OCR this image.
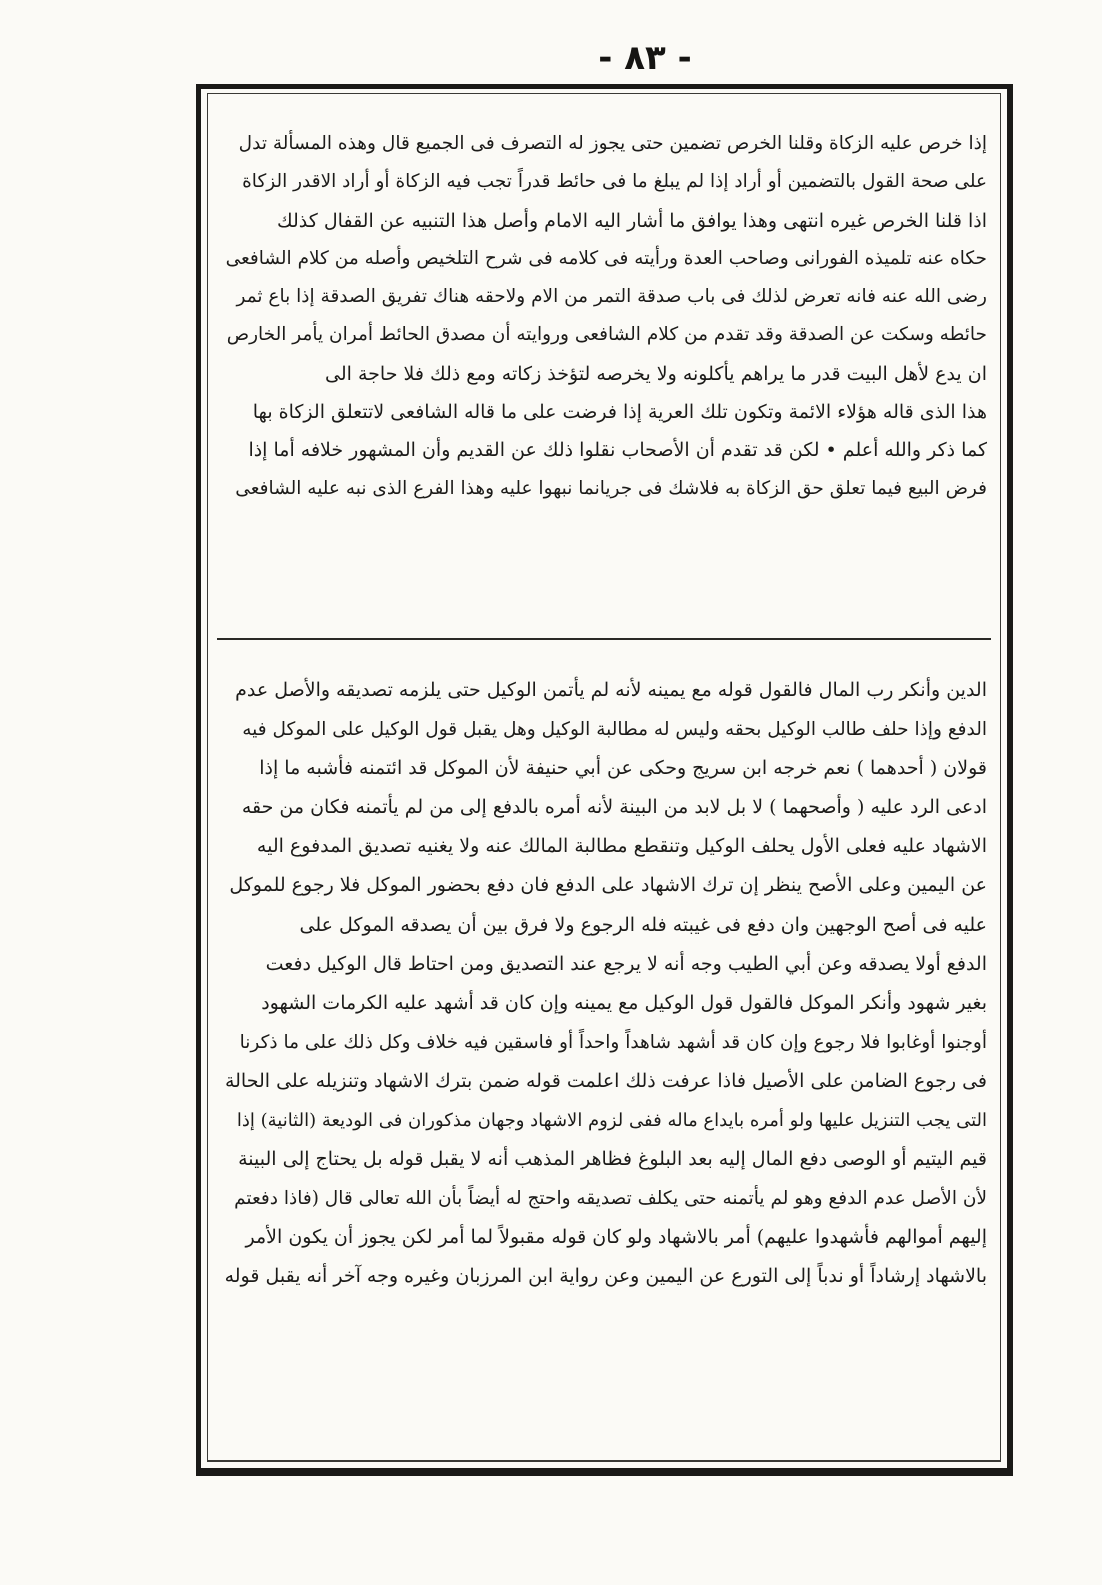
- ٨٣ -

إذا خرص عليه الزكاة وقلنا الخرص تضمين حتى يجوز له التصرف فى الجميع قال وهذه المسألة تدل

على صحة القول بالتضمين أو أراد إذا لم يبلغ ما فى حائط قدراً تجب فيه الزكاة أو أراد الاقدر الزكاة

اذا قلنا الخرص غيره انتهى وهذا يوافق ما أشار اليه الامام وأصل هذا التنبيه عن القفال كذلك

حكاه عنه تلميذه الفورانى وصاحب العدة ورأيته فى كلامه فى شرح التلخيص وأصله من كلام الشافعى

رضى الله عنه فانه تعرض لذلك فى باب صدقة التمر من الام ولاحقه هناك تفريق الصدقة إذا باع ثمر

حائطه وسكت عن الصدقة وقد تقدم من كلام الشافعى وروايته أن مصدق الحائط أمران يأمر الخارص

ان يدع لأهل البيت قدر ما يراهم يأكلونه ولا يخرصه لتؤخذ زكاته ومع ذلك فلا حاجة الى

هذا الذى قاله هؤلاء الائمة وتكون تلك العرية إذا فرضت على ما قاله الشافعى لاتتعلق الزكاة بها

كما ذكر والله أعلم • لكن قد تقدم أن الأصحاب نقلوا ذلك عن القديم وأن المشهور خلافه أما إذا

فرض البيع فيما تعلق حق الزكاة به فلاشك فى جريانما نبهوا عليه وهذا الفرع الذى نبه عليه الشافعى

الدين وأنكر رب المال فالقول قوله مع يمينه لأنه لم يأتمن الوكيل حتى يلزمه تصديقه والأصل عدم

الدفع وإذا حلف طالب الوكيل بحقه وليس له مطالبة الوكيل وهل يقبل قول الوكيل على الموكل فيه

قولان ( أحدهما ) نعم خرجه ابن سريج وحكى عن أبي حنيفة لأن الموكل قد ائتمنه فأشبه ما إذا

ادعى الرد عليه ( وأصحهما ) لا بل لابد من البينة لأنه أمره بالدفع إلى من لم يأتمنه فكان من حقه

الاشهاد عليه فعلى الأول يحلف الوكيل وتنقطع مطالبة المالك عنه ولا يغنيه تصديق المدفوع اليه

عن اليمين وعلى الأصح ينظر إن ترك الاشهاد على الدفع فان دفع بحضور الموكل فلا رجوع للموكل

عليه فى أصح الوجهين وان دفع فى غيبته فله الرجوع ولا فرق بين أن يصدقه الموكل على

الدفع أولا يصدقه وعن أبي الطيب وجه أنه لا يرجع عند التصديق ومن احتاط قال الوكيل دفعت

بغير شهود وأنكر الموكل فالقول قول الوكيل مع يمينه وإن كان قد أشهد عليه الكرمات الشهود

أوجنوا أوغابوا فلا رجوع وإن كان قد أشهد شاهداً واحداً أو فاسقين فيه خلاف وكل ذلك على ما ذكرنا

فى رجوع الضامن على الأصيل فاذا عرفت ذلك اعلمت قوله ضمن بترك الاشهاد وتنزيله على الحالة

التى يجب التنزيل عليها ولو أمره بايداع ماله ففى لزوم الاشهاد وجهان مذكوران فى الوديعة (الثانية) إذا

قيم اليتيم أو الوصى دفع المال إليه بعد البلوغ فظاهر المذهب أنه لا يقبل قوله بل يحتاج إلى البينة

لأن الأصل عدم الدفع وهو لم يأتمنه حتى يكلف تصديقه واحتج له أيضاً بأن الله تعالى قال (فاذا دفعتم

إليهم أموالهم فأشهدوا عليهم) أمر بالاشهاد ولو كان قوله مقبولاً لما أمر لكن يجوز أن يكون الأمر

بالاشهاد إرشاداً أو ندباً إلى التورع عن اليمين وعن رواية ابن المرزبان وغيره وجه آخر أنه يقبل قوله
